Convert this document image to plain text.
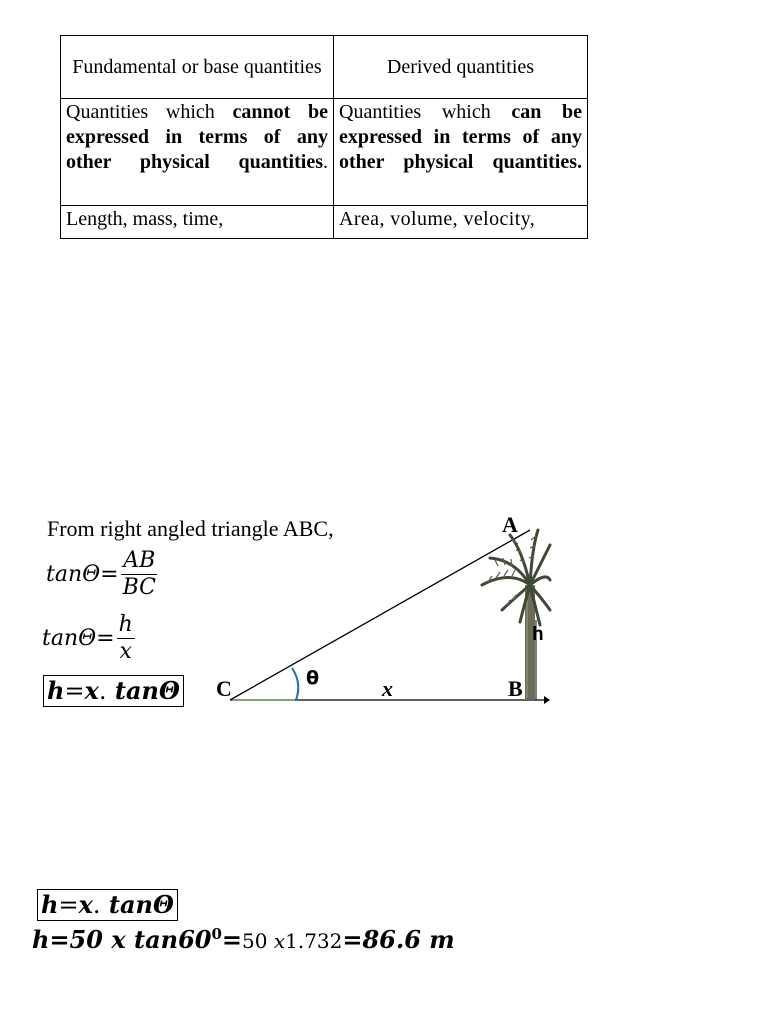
Fundamental or base quantities	Derived quantities
Quantities which cannot be expressed in terms of any other physical quantities.	Quantities which can be expressed in terms of any other physical quantities.
Length, mass, time,	Area, volume, velocity,
From right angled triangle ABC,
$\tan\Theta= \frac{AB}{BC}$
$\tan\Theta= \frac{h}{x}$
h=x. tanΘ C
A
B
h
x
θ
h=x. tanΘ
h=50 x $\tan 60^0=50$ x1.732=86.6 m
